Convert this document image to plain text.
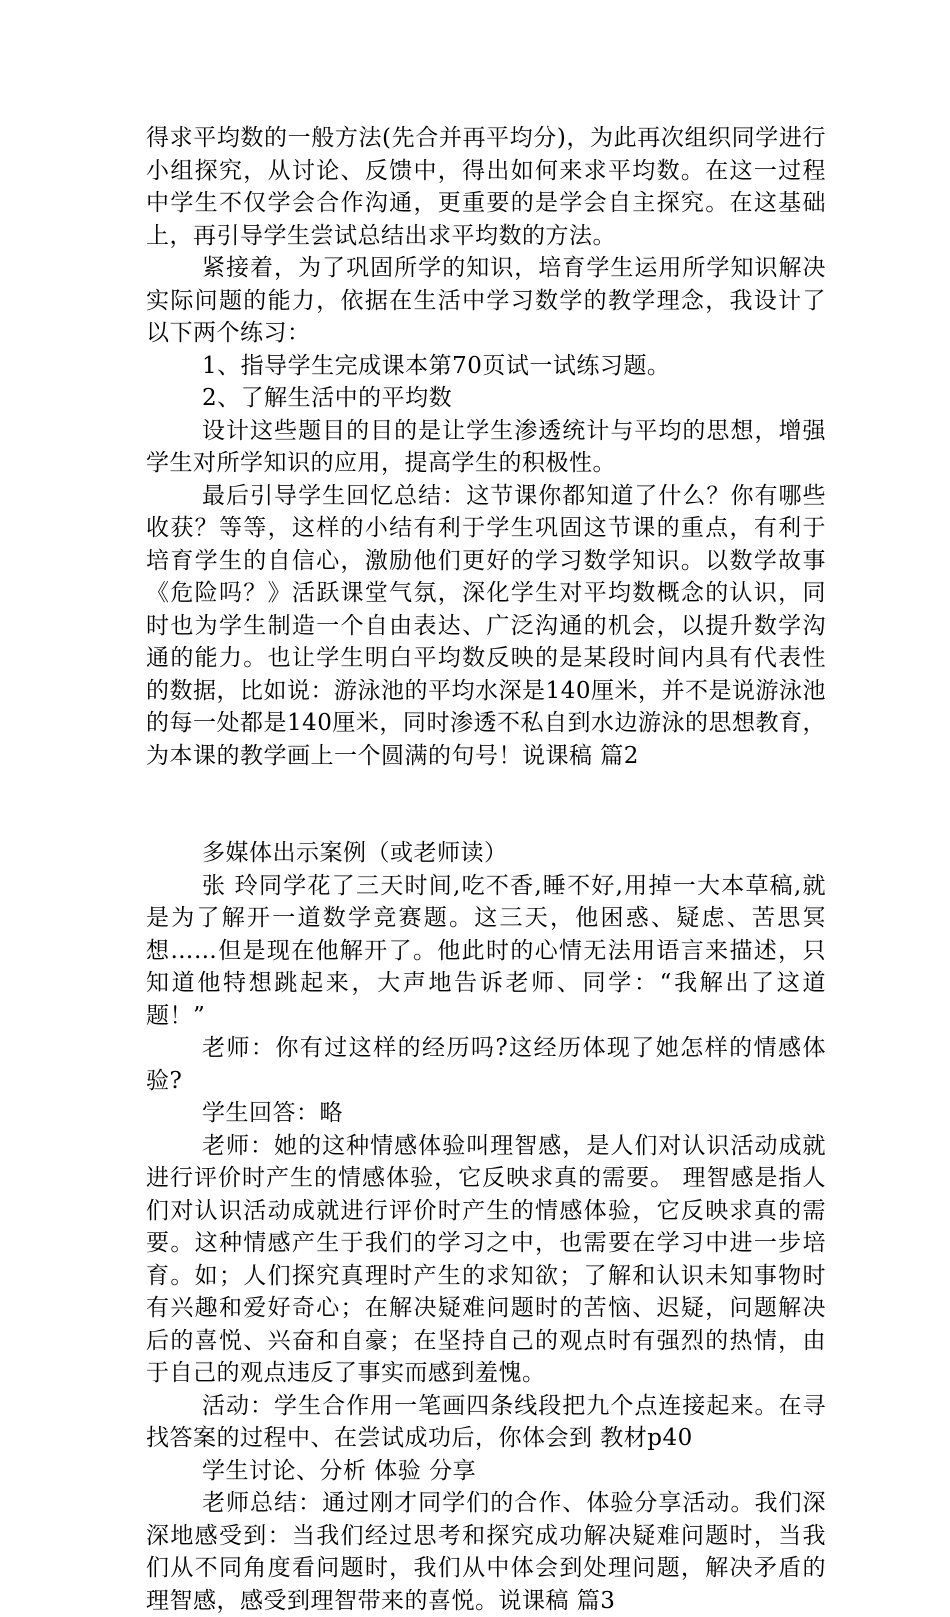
得求平均数的一般方法(先合并再平均分)，为此再次组织同学进行小组探究，从讨论、反馈中，得出如何来求平均数。在这一过程中学生不仅学会合作沟通，更重要的是学会自主探究。在这基础上，再引导学生尝试总结出求平均数的方法。

紧接着，为了巩固所学的知识，培育学生运用所学知识解决实际问题的能力，依据在生活中学习数学的教学理念，我设计了以下两个练习：

1、指导学生完成课本第70页试一试练习题。

2、了解生活中的平均数

设计这些题目的目的是让学生渗透统计与平均的思想，增强学生对所学知识的应用，提高学生的积极性。

最后引导学生回忆总结：这节课你都知道了什么？你有哪些收获？等等，这样的小结有利于学生巩固这节课的重点，有利于培育学生的自信心，激励他们更好的学习数学知识。以数学故事《危险吗？》活跃课堂气氛，深化学生对平均数概念的认识，同时也为学生制造一个自由表达、广泛沟通的机会，以提升数学沟通的能力。也让学生明白平均数反映的是某段时间内具有代表性的数据，比如说：游泳池的平均水深是140厘米，并不是说游泳池的每一处都是140厘米，同时渗透不私自到水边游泳的思想教育，为本课的教学画上一个圆满的句号！说课稿 篇2

多媒体出示案例（或老师读）

张 玲同学花了三天时间,吃不香,睡不好,用掉一大本草稿,就是为了解开一道数学竞赛题。这三天，他困惑、疑虑、苦思冥想……但是现在他解开了。他此时的心情无法用语言来描述，只知道他特想跳起来，大声地告诉老师、同学：“我解出了这道题！”

老师：你有过这样的经历吗?这经历体现了她怎样的情感体验?

学生回答：略

老师：她的这种情感体验叫理智感，是人们对认识活动成就进行评价时产生的情感体验，它反映求真的需要。 理智感是指人们对认识活动成就进行评价时产生的情感体验，它反映求真的需要。这种情感产生于我们的学习之中，也需要在学习中进一步培育。如；人们探究真理时产生的求知欲；了解和认识未知事物时有兴趣和爱好奇心；在解决疑难问题时的苦恼、迟疑，问题解决后的喜悦、兴奋和自豪；在坚持自己的观点时有强烈的热情，由于自己的观点违反了事实而感到羞愧。

活动：学生合作用一笔画四条线段把九个点连接起来。在寻找答案的过程中、在尝试成功后，你体会到 教材p40

学生讨论、分析 体验 分享

老师总结：通过刚才同学们的合作、体验分享活动。我们深深地感受到：当我们经过思考和探究成功解决疑难问题时，当我们从不同角度看问题时，我们从中体会到处理问题，解决矛盾的理智感，感受到理智带来的喜悦。说课稿 篇3
